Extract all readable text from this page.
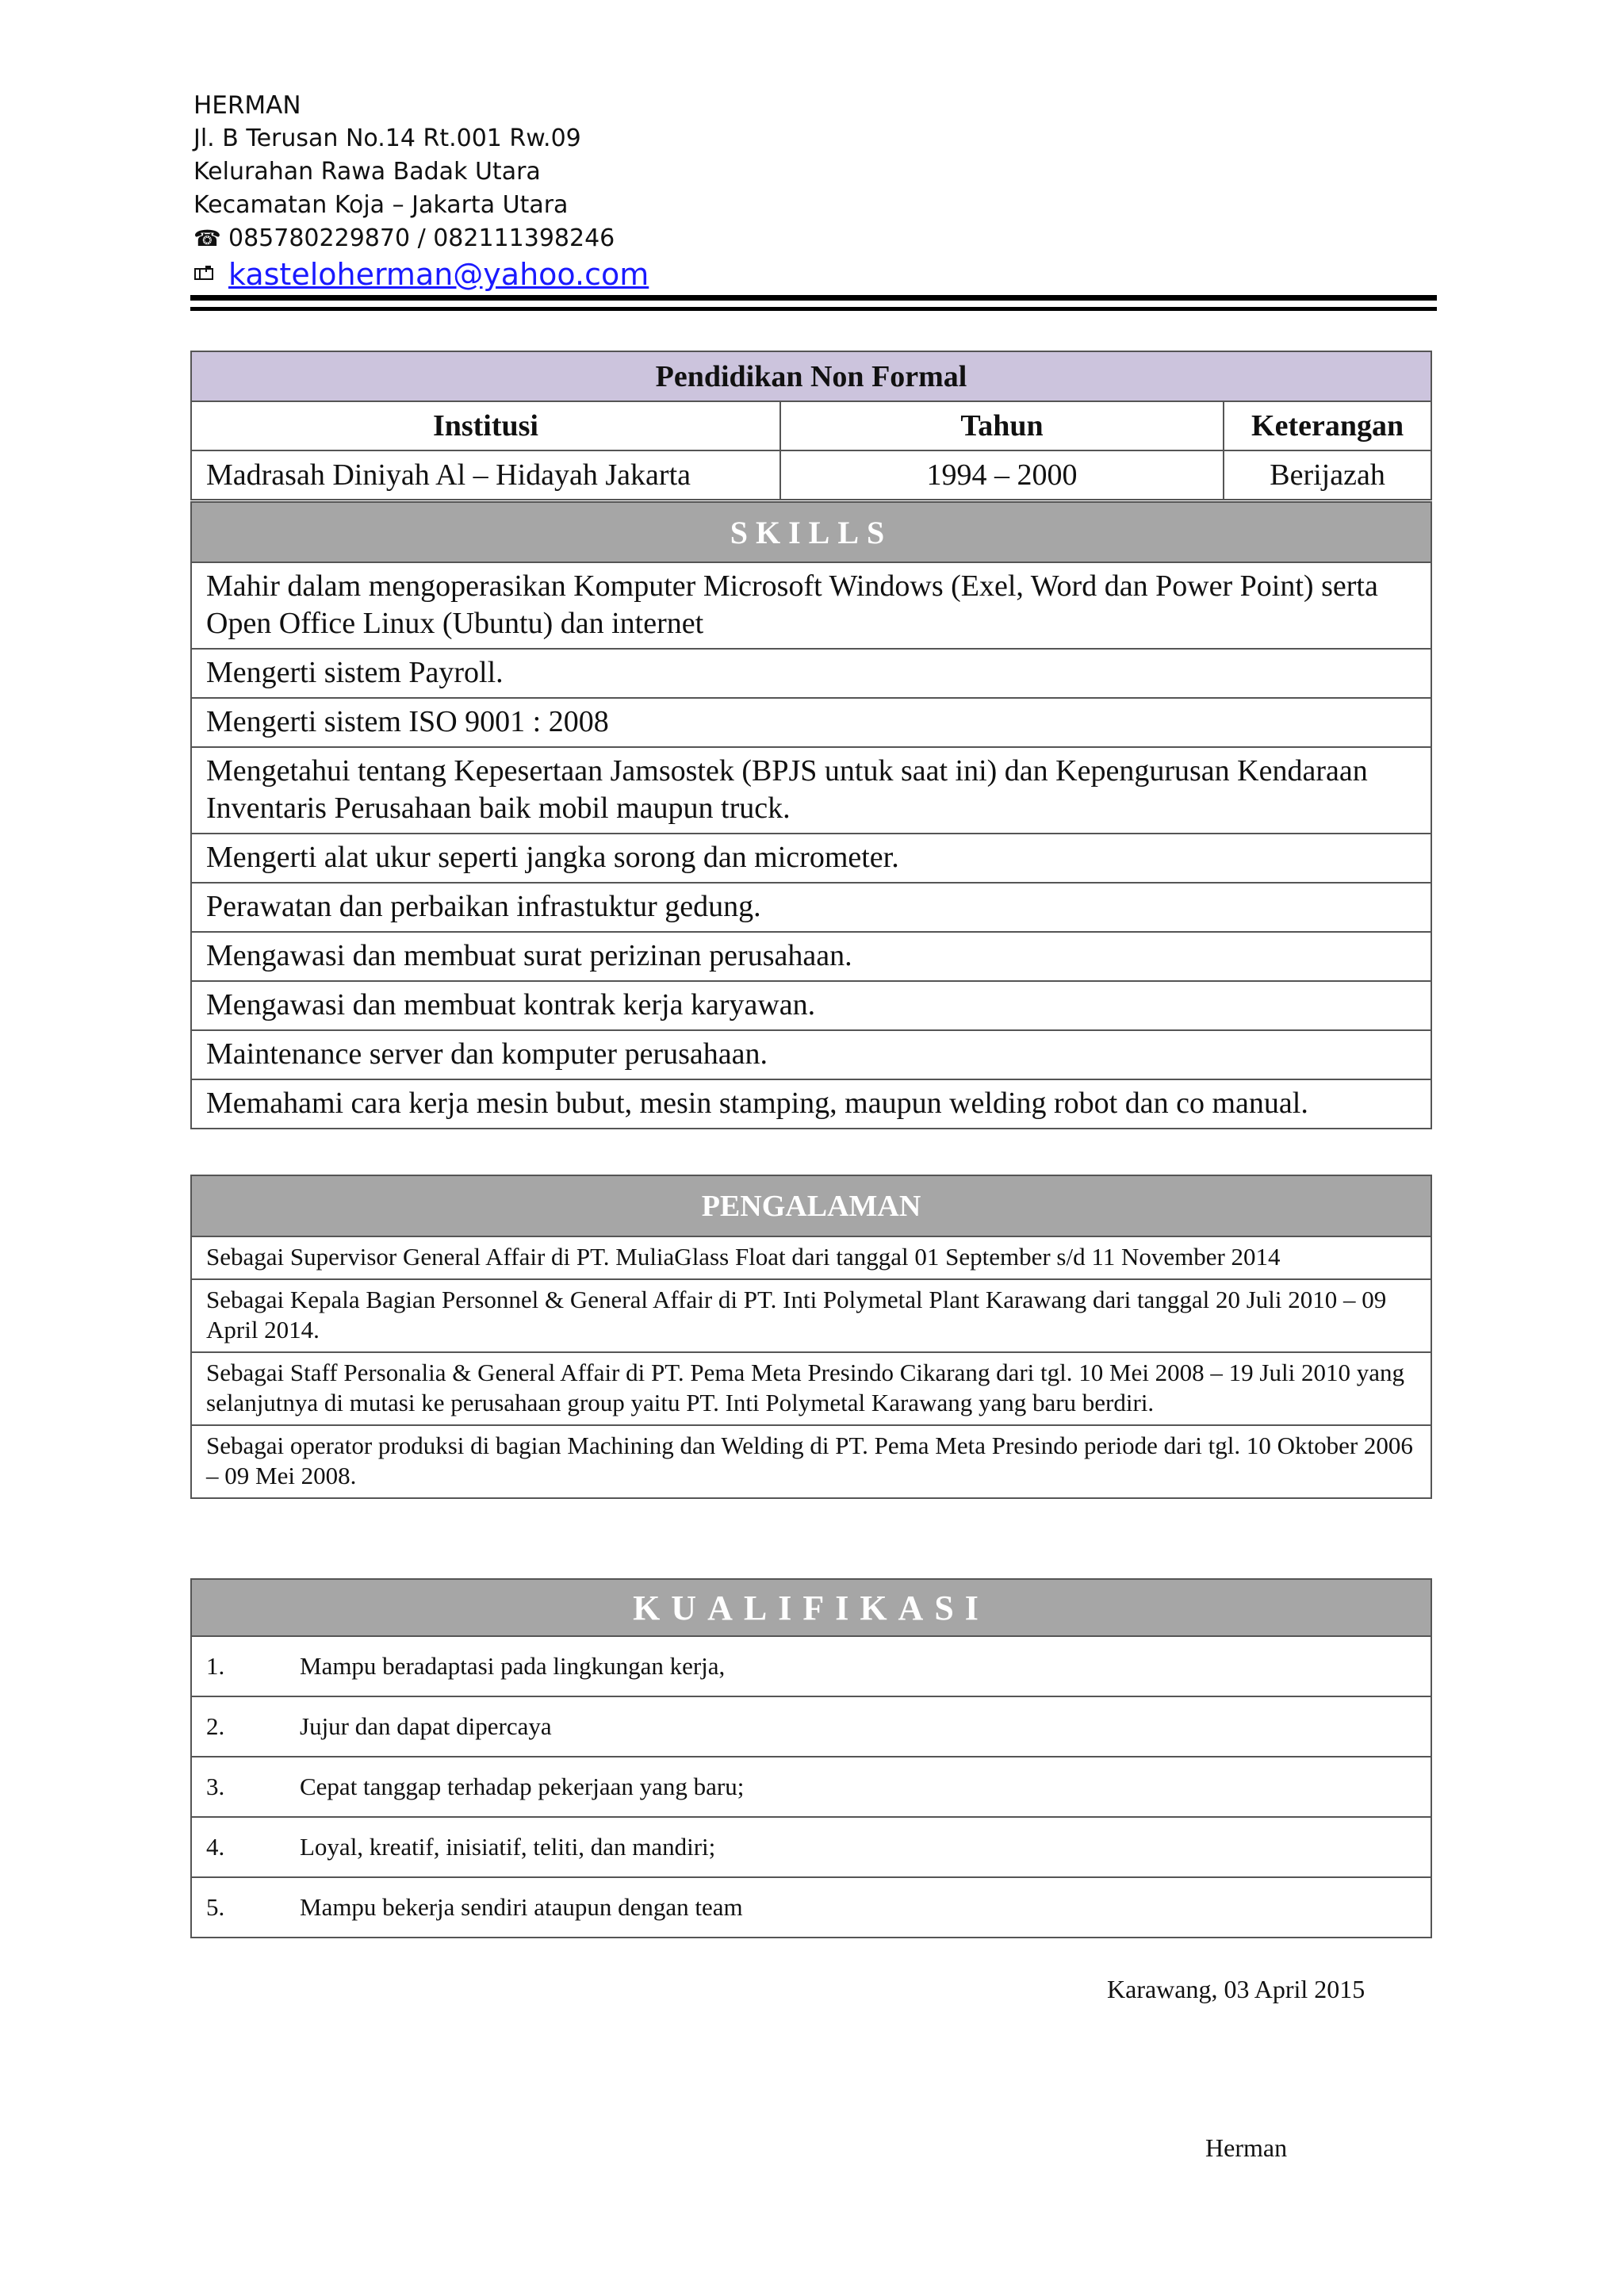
HERMAN
Jl. B Terusan No.14 Rt.001 Rw.09
Kelurahan Rawa Badak Utara
Kecamatan Koja – Jakarta Utara
☎ 085780229870 / 082111398246
kasteloherman@yahoo.com
Pendidikan Non Formal		
Institusi	Tahun	Keterangan
Madrasah Diniyah Al – Hidayah Jakarta	1994 – 2000	Berijazah
SKILLS
Mahir dalam mengoperasikan Komputer Microsoft Windows (Exel, Word dan Power Point) serta Open Office Linux (Ubuntu) dan internet
Mengerti sistem Payroll.
Mengerti sistem ISO 9001 : 2008
Mengetahui tentang Kepesertaan Jamsostek (BPJS untuk saat ini) dan Kepengurusan Kendaraan Inventaris Perusahaan baik mobil maupun truck.
Mengerti alat ukur seperti jangka sorong dan micrometer.
Perawatan dan perbaikan infrastuktur gedung.
Mengawasi dan membuat surat perizinan perusahaan.
Mengawasi dan membuat kontrak kerja karyawan.
Maintenance server dan komputer perusahaan.
Memahami cara kerja mesin bubut, mesin stamping, maupun welding robot dan co manual.
PENGALAMAN
Sebagai Supervisor General Affair di PT. MuliaGlass Float dari tanggal 01 September s/d 11 November 2014
Sebagai Kepala Bagian Personnel & General Affair di PT. Inti Polymetal Plant Karawang dari tanggal 20 Juli 2010 – 09 April 2014.
Sebagai Staff Personalia & General Affair di PT. Pema Meta Presindo Cikarang dari tgl. 10 Mei 2008 – 19 Juli 2010 yang selanjutnya di mutasi ke perusahaan group yaitu PT. Inti Polymetal Karawang yang baru berdiri.
Sebagai operator produksi di bagian Machining dan Welding di PT. Pema Meta Presindo periode dari tgl. 10 Oktober 2006 – 09 Mei 2008.
KUALIFIKASI
1.	Mampu beradaptasi pada lingkungan kerja,
2.	Jujur dan dapat dipercaya
3.	Cepat tanggap terhadap pekerjaan yang baru;
4.	Loyal, kreatif, inisiatif, teliti, dan mandiri;
5.	Mampu bekerja sendiri ataupun dengan team
Karawang, 03 April 2015
Herman
